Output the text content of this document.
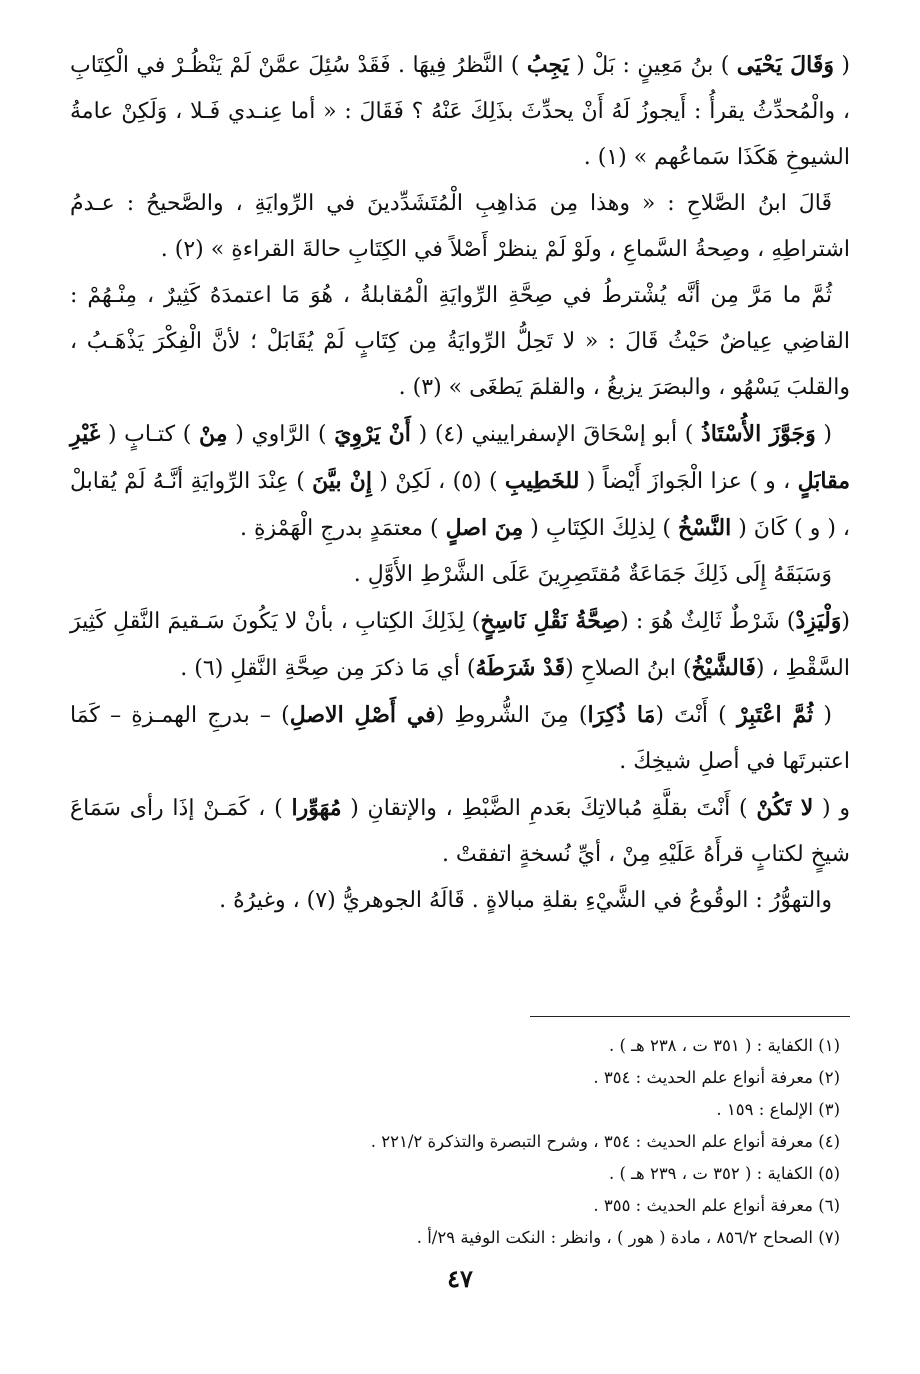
( وَقَالَ يَحْيَى ) بنُ مَعِينٍ : بَلْ ( يَجِبُ ) النَّظرُ فِيهَا . فَقَدْ سُئِلَ عمَّنْ لَمْ يَنْظُـرْ في الْكِتَابِ ، والْمُحدِّثُ يقرأُ : أَيجوزُ لَهُ أَنْ يحدِّثَ بذَلِكَ عَنْهُ ؟ فَقَالَ : « أما عِنـدي فَـلا ، وَلَكِنْ عامةُ الشيوخِ هَكَذَا سَماعُهم » (١) .

قَالَ ابنُ الصَّلاحِ : « وهذا مِن مَذاهِبِ الْمُتَشَدِّدينَ في الرِّوايَةِ ، والصَّحيحُ : عـدمُ اشتراطِهِ ، وصِحةُ السَّماعِ ، ولَوْ لَمْ ينظرْ أَصْلاً في الكِتَابِ حالةَ القراءةِ » (٢) .

ثُمَّ ما مَرَّ مِن أنَّه يُشْترطُ في صِحَّةِ الرِّوايَةِ الْمُقابلةُ ، هُوَ مَا اعتمدَهُ كَثِيرٌ ، مِنْـهُمْ : القاضِي عِياضٌ حَيْثُ قَالَ : « لا تَحِلُّ الرِّوايَةُ مِن كِتَابٍ لَمْ يُقَابَلْ ؛ لأنَّ الْفِكْرَ يَذْهَـبُ ، والقلبَ يَسْهُو ، والبصَرَ يزيغُ ، والقلمَ يَطغَى » (٣) .

( وَجَوَّزَ الأُسْتَاذُ ) أبو إسْحَاقَ الإسفراييني (٤) ( أَنْ يَرْوِيَ ) الرَّاوي ( مِنْ ) كتـابٍ ( غَيْرِ مقابَلٍ ، و ) عزا الْجَوازَ أَيْضاً ( للخَطِيبِ ) (٥) ، لَكِنْ ( إِنْ بيَّنَ ) عِنْدَ الرِّوايَةِ أنَّـهُ لَمْ يُقابلْ ، ( و ) كَانَ ( النَّسْخُ ) لِذلِكَ الكِتَابِ ( مِنَ اصلٍ ) معتمَدٍ بدرجِ الْهَمْزةِ .

وَسَبَقَهُ إِلَى ذَلِكَ جَمَاعَةٌ مُقتَصِرِينَ عَلَى الشَّرْطِ الأَوَّلِ .

(وَلْيَزِدْ) شَرْطٌ ثَالِثٌ هُوَ : (صِحَّةُ نَقْلِ نَاسِخٍ) لِذَلِكَ الكِتابِ ، بأنْ لا يَكُونَ سَـقيمَ النَّقلِ كَثِيرَ السَّقْطِ ، (فَالشَّيْخُ) ابنُ الصلاحِ (قَدْ شَرَطَهُ) أي مَا ذكرَ مِن صِحَّةِ النَّقلِ (٦) .

( ثُمَّ اعْتَبِرْ ) أَنْتَ (مَا ذُكِرَا) مِنَ الشُّروطِ (في أَصْلِ الاصلِ) – بدرجِ الهمـزةِ – كَمَا اعتبرتَها في أصلِ شيخِكَ .

و ( لا تَكُنْ ) أَنْتَ بقلَّةِ مُبالاتِكَ بعَدمِ الضَّبْطِ ، والإتقانِ ( مُهَوِّرا ) ، كَمَـنْ إذَا رأى سَمَاعَ شيخٍ لكتابٍ قرأَهُ عَلَيْهِ مِنْ ، أيِّ نُسخةٍ اتفقتْ .

والتهوُّرُ : الوقُوعُ في الشَّيْءِ بقلةِ مبالاةٍ . قَالَهُ الجوهريُّ (٧) ، وغيرُهُ .

(١) الكفاية : ( ٣٥١ ت ، ٢٣٨ هـ ) .

(٢) معرفة أنواع علم الحديث : ٣٥٤ .

(٣) الإلماع : ١٥٩ .

(٤) معرفة أنواع علم الحديث : ٣٥٤ ، وشرح التبصرة والتذكرة ٢٢١/٢ .

(٥) الكفاية : ( ٣٥٢ ت ، ٢٣٩ هـ ) .

(٦) معرفة أنواع علم الحديث : ٣٥٥ .

(٧) الصحاح ٨٥٦/٢ ، مادة ( هور ) ، وانظر : النكت الوفية ٢٩/أ .

٤٧
